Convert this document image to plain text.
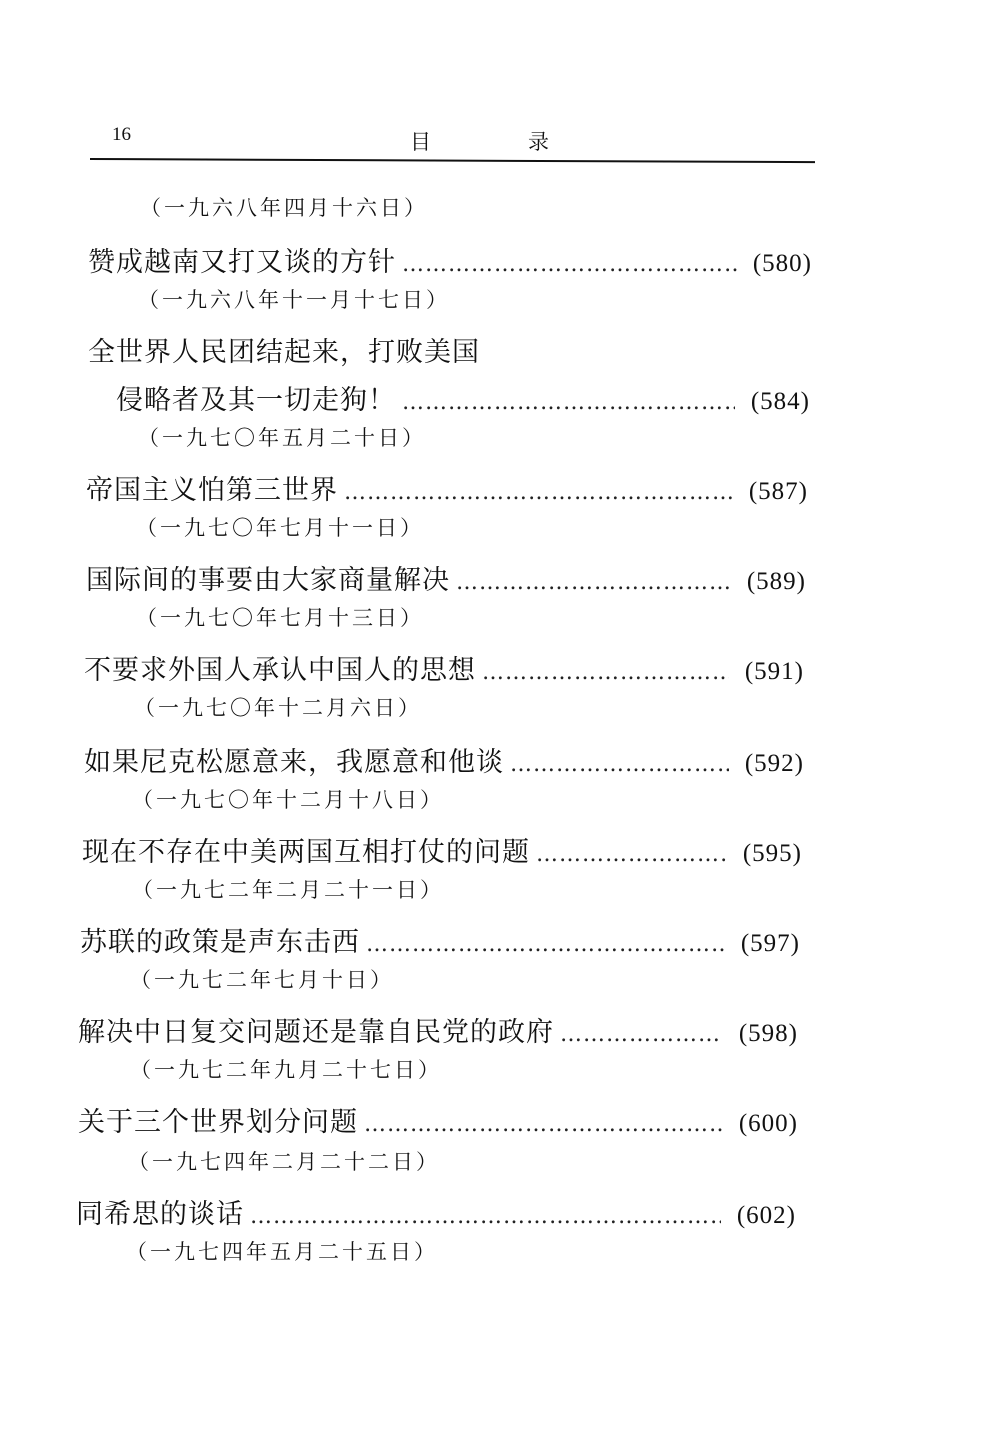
16	目　录
（一九六八年四月十六日）
赞成越南又打又谈的方针 ………………………………………………………………………………	(580)
（一九六八年十一月十七日）
全世界人民团结起来，打败美国
侵略者及其一切走狗！ ………………………………………………………………………………	(584)
（一九七〇年五月二十日）
帝国主义怕第三世界 ………………………………………………………………………………	(587)
（一九七〇年七月十一日）
国际间的事要由大家商量解决 ………………………………………………………………………………	(589)
（一九七〇年七月十三日）
不要求外国人承认中国人的思想 ………………………………………………………………………………	(591)
（一九七〇年十二月六日）
如果尼克松愿意来，我愿意和他谈 ………………………………………………………………………………	(592)
（一九七〇年十二月十八日）
现在不存在中美两国互相打仗的问题 ………………………………………………………………………………	(595)
（一九七二年二月二十一日）
苏联的政策是声东击西 ………………………………………………………………………………	(597)
（一九七二年七月十日）
解决中日复交问题还是靠自民党的政府 ………………………………………………………………………………	(598)
（一九七二年九月二十七日）
关于三个世界划分问题 ………………………………………………………………………………	(600)
（一九七四年二月二十二日）
同希思的谈话 ………………………………………………………………………………	(602)
（一九七四年五月二十五日）
